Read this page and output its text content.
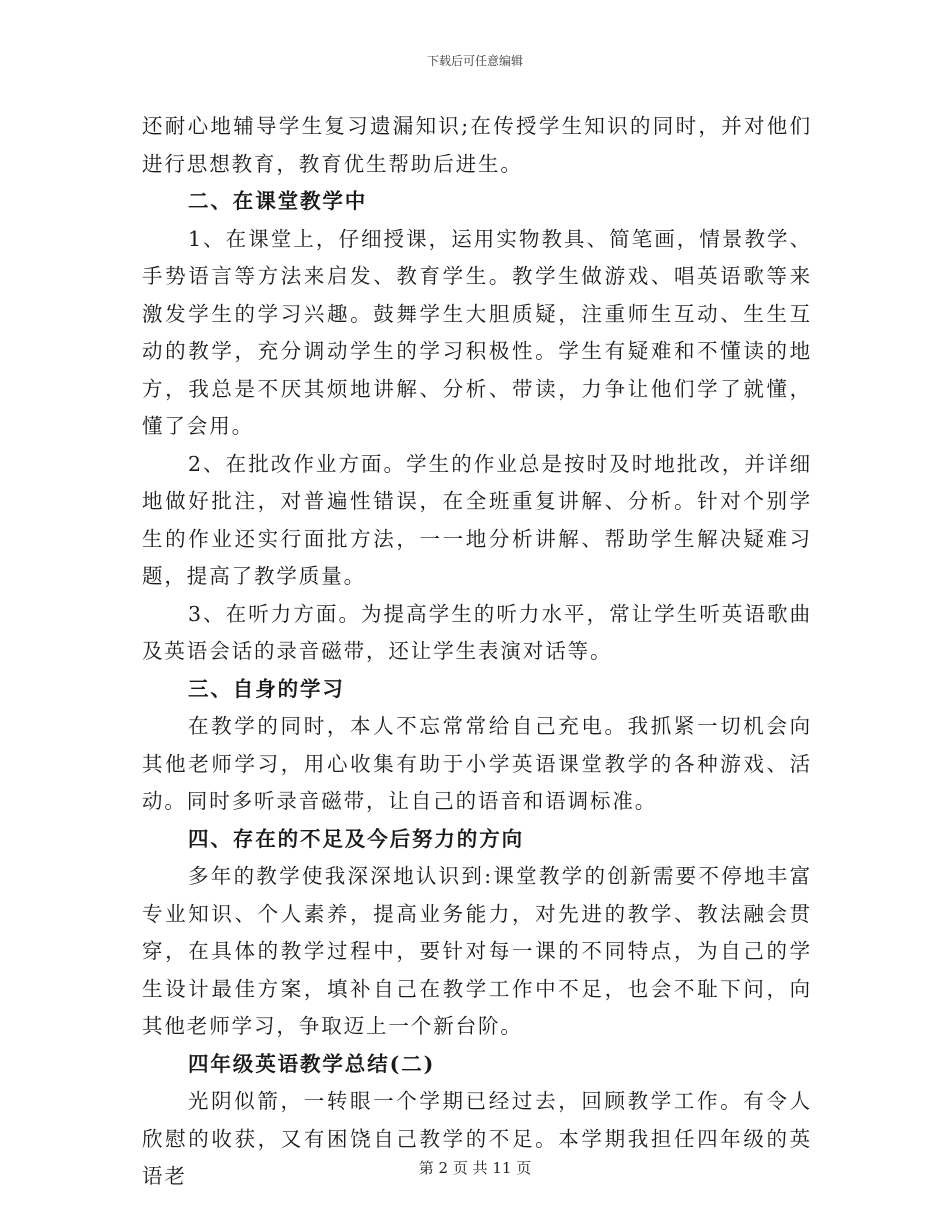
下载后可任意编辑

还耐心地辅导学生复习遗漏知识;在传授学生知识的同时，并对他们进行思想教育，教育优生帮助后进生。

二、在课堂教学中

1、在课堂上，仔细授课，运用实物教具、简笔画，情景教学、手势语言等方法来启发、教育学生。教学生做游戏、唱英语歌等来激发学生的学习兴趣。鼓舞学生大胆质疑，注重师生互动、生生互动的教学，充分调动学生的学习积极性。学生有疑难和不懂读的地方，我总是不厌其烦地讲解、分析、带读，力争让他们学了就懂，懂了会用。

2、在批改作业方面。学生的作业总是按时及时地批改，并详细地做好批注，对普遍性错误，在全班重复讲解、分析。针对个别学生的作业还实行面批方法，一一地分析讲解、帮助学生解决疑难习题，提高了教学质量。

3、在听力方面。为提高学生的听力水平，常让学生听英语歌曲及英语会话的录音磁带，还让学生表演对话等。

三、自身的学习

在教学的同时，本人不忘常常给自己充电。我抓紧一切机会向其他老师学习，用心收集有助于小学英语课堂教学的各种游戏、活动。同时多听录音磁带，让自己的语音和语调标准。

四、存在的不足及今后努力的方向

多年的教学使我深深地认识到:课堂教学的创新需要不停地丰富专业知识、个人素养，提高业务能力，对先进的教学、教法融会贯穿，在具体的教学过程中，要针对每一课的不同特点，为自己的学生设计最佳方案，填补自己在教学工作中不足，也会不耻下问，向其他老师学习，争取迈上一个新台阶。

四年级英语教学总结(二)

光阴似箭，一转眼一个学期已经过去，回顾教学工作。有令人欣慰的收获，又有困饶自己教学的不足。本学期我担任四年级的英语老	第 2 页 共 11 页
